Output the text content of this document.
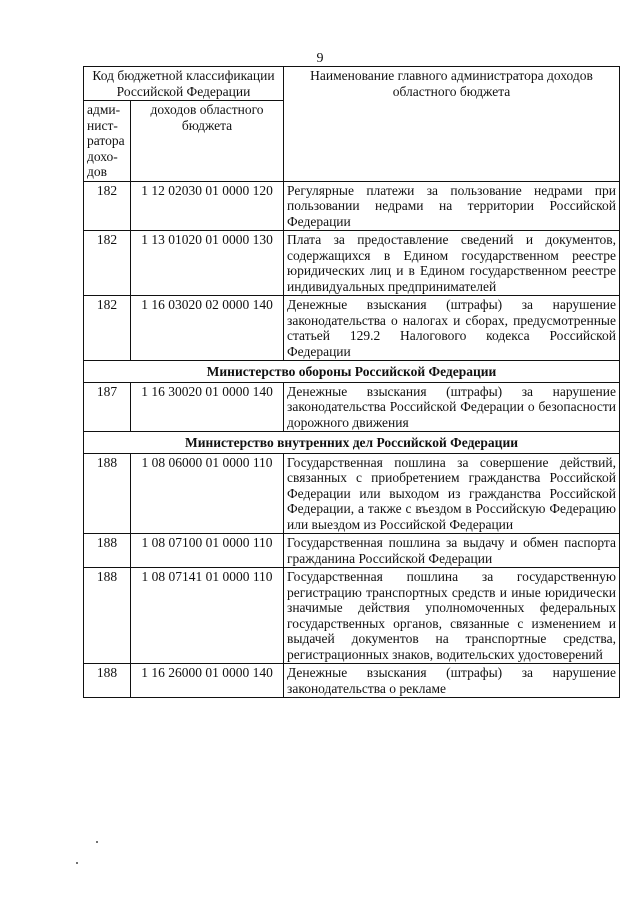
9
Код бюджетной классификации Российской Федерации		Наименование главного администратора доходов областного бюджета
адми-нист-ратора дохо-дов	доходов областного бюджета	
182	1 12 02030 01 0000 120	Регулярные платежи за пользование недрами при пользовании недрами на территории Российской Федерации
182	1 13 01020 01 0000 130	Плата за предоставление сведений и документов, содержащихся в Едином государственном реестре юридических лиц и в Едином государственном реестре индивидуальных предпринимателей
182	1 16 03020 02 0000 140	Денежные взыскания (штрафы) за нарушение законодательства о налогах и сборах, предусмотренные статьей 129.2 Налогового кодекса Российской Федерации
Министерство обороны Российской Федерации		
187	1 16 30020 01 0000 140	Денежные взыскания (штрафы) за нарушение законодательства Российской Федерации о безопасности дорожного движения
Министерство внутренних дел Российской Федерации		
188	1 08 06000 01 0000 110	Государственная пошлина за совершение действий, связанных с приобретением гражданства Российской Федерации или выходом из гражданства Российской Федерации, а также с въездом в Российскую Федерацию или выездом из Российской Федерации
188	1 08 07100 01 0000 110	Государственная пошлина за выдачу и обмен паспорта гражданина Российской Федерации
188	1 08 07141 01 0000 110	Государственная пошлина за государственную регистрацию транспортных средств и иные юридически значимые действия уполномоченных федеральных государственных органов, связанные с изменением и выдачей документов на транспортные средства, регистрационных знаков, водительских удостоверений
188	1 16 26000 01 0000 140	Денежные взыскания (штрафы) за нарушение законодательства о рекламе
